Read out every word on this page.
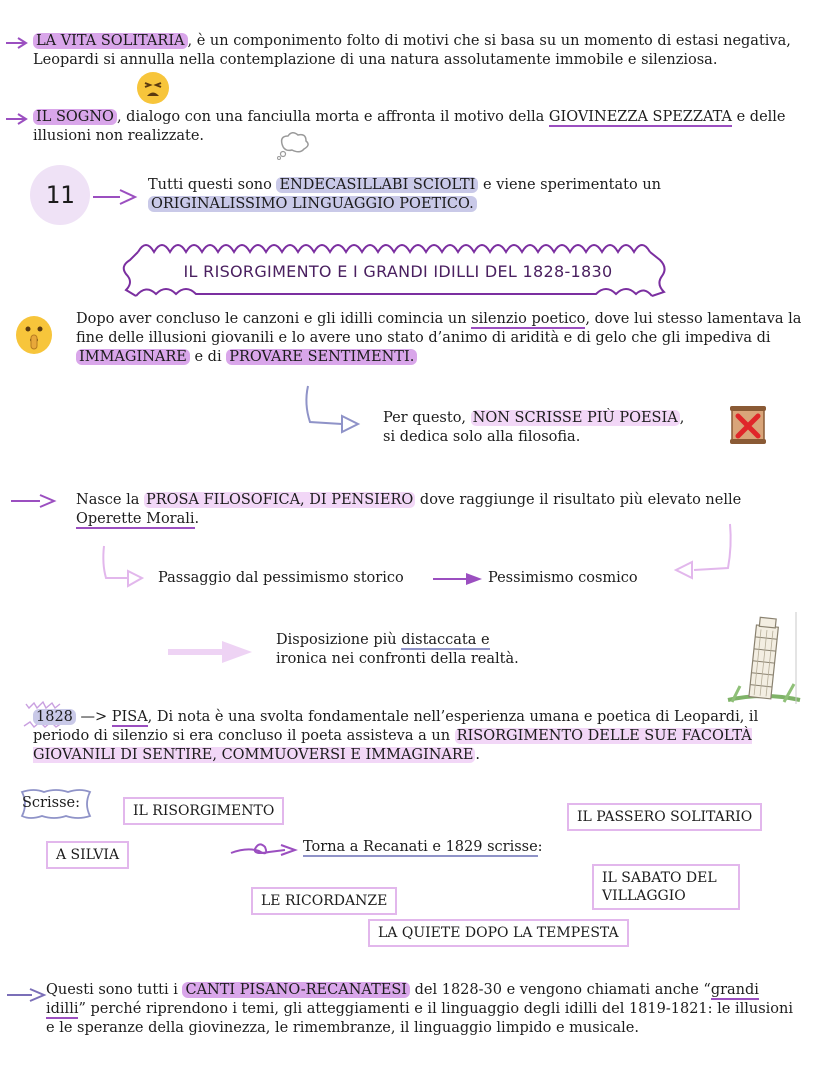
LA VITA SOLITARIA , è un componimento folto di motivi che si basa su un momento di estasi negativa, Leopardi si annulla nella contemplazione di una natura assolutamente immobile e silenziosa.
IL SOGNO , dialogo con una fanciulla morta e affronta il motivo della GIOVINEZZA SPEZZATA e delle illusioni non realizzate.
11	Tutti questi sono ENDECASILLABI SCIOLTI e viene sperimentato un ORIGINALISSIMO LINGUAGGIO POETICO.
IL RISORGIMENTO E I GRANDI IDILLI DEL 1828-1830
Dopo aver concluso le canzoni e gli idilli comincia un silenzio poetico, dove lui stesso lamentava la fine delle illusioni giovanili e lo avere uno stato d’animo di aridità e di gelo che gli impediva di IMMAGINARE e di PROVARE SENTIMENTI.
Per questo, NON SCRISSE PIÙ POESIA ,
si dedica solo alla filosofia.
Nasce la PROSA FILOSOFICA, DI PENSIERO dove raggiunge il risultato più elevato nelle Operette Morali.
Passaggio dal pessimismo storico	Pessimismo cosmico
Disposizione più distaccata e
ironica nei confronti della realtà.
1828 —> PISA, Di nota è una svolta fondamentale nell’esperienza umana e poetica di Leopardi, il periodo di silenzio si era concluso il poeta assisteva a un RISORGIMENTO DELLE SUE FACOLTÀ GIOVANILI DI SENTIRE, COMMUOVERSI E IMMAGINARE .
Scrisse:	IL RISORGIMENTO	IL PASSERO SOLITARIO
A SILVIA	Torna a Recanati e 1829 scrisse:
IL SABATO DEL VILLAGGIO
LE RICORDANZE
LA QUIETE DOPO LA TEMPESTA
Questi sono tutti i CANTI PISANO-RECANATESI del 1828-30 e vengono chiamati anche “grandi idilli” perché riprendono i temi, gli atteggiamenti e il linguaggio degli idilli del 1819-1821: le illusioni e le speranze della giovinezza, le rimembranze, il linguaggio limpido e musicale.
